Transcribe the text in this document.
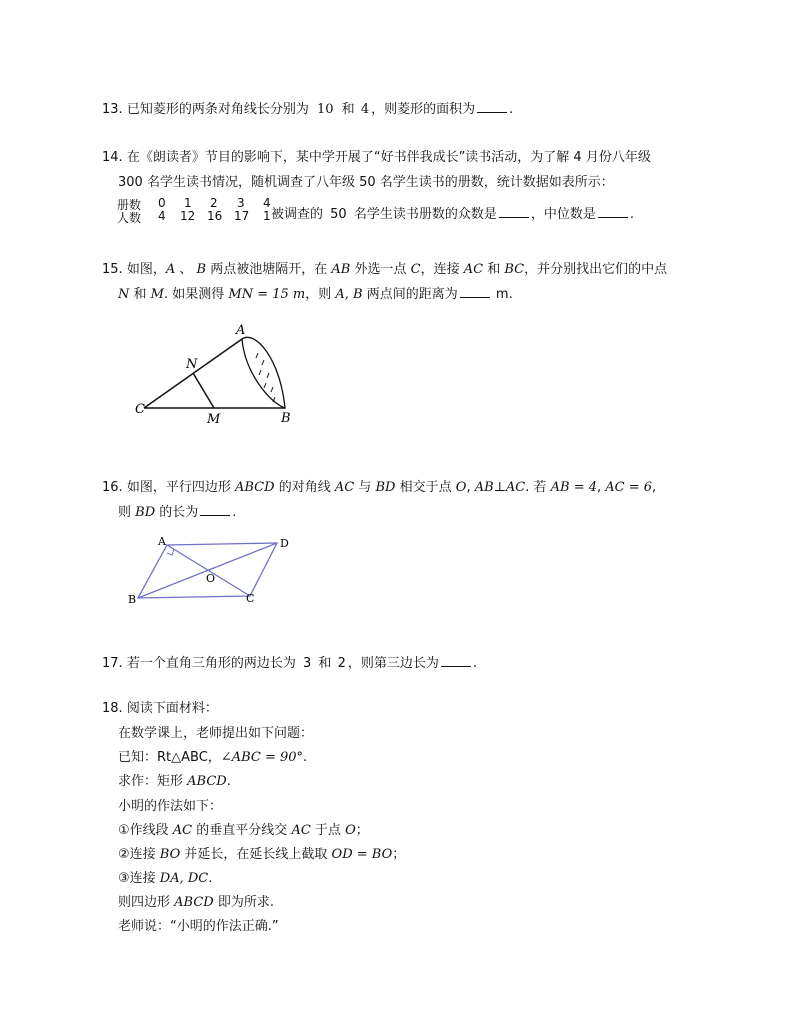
13. 已知菱形的两条对角线长分别为 10 和 4 ，则菱形的面积为	.
14. 在《朗读者》节目的影响下，某中学开展了“好书伴我成长”读书活动，为了解 4 月份八年级
300 名学生读书情况，随机调查了八年级 50 名学生读书的册数，统计数据如表所示：
册数 0 1 2 3 4
人数 4 12 16 17 1 被调查的 50 名学生读书册数的众数是	，中位数是	.
15. 如图，A 、 B 两点被池塘隔开，在 AB 外选一点 C，连接 AC 和 BC，并分别找出它们的中点
N 和 M. 如果测得 MN = 15 m，则 A, B 两点间的距离为	m.
A
N
C
M	B
16. 如图，平行四边形 ABCD 的对角线 AC 与 BD 相交于点 O, AB⊥AC. 若 AB = 4, AC = 6,
则 BD 的长为	.
A	D
O
B	C
17. 若一个直角三角形的两边长为 3 和 2 ，则第三边长为	.
18. 阅读下面材料：
在数学课上，老师提出如下问题：
已知：Rt△ABC，∠ABC = 90°.
求作：矩形 ABCD.
小明的作法如下：
①作线段 AC 的垂直平分线交 AC 于点 O；
②连接 BO 并延长，在延长线上截取 OD = BO；
③连接 DA, DC.
则四边形 ABCD 即为所求.
老师说：“小明的作法正确.”
